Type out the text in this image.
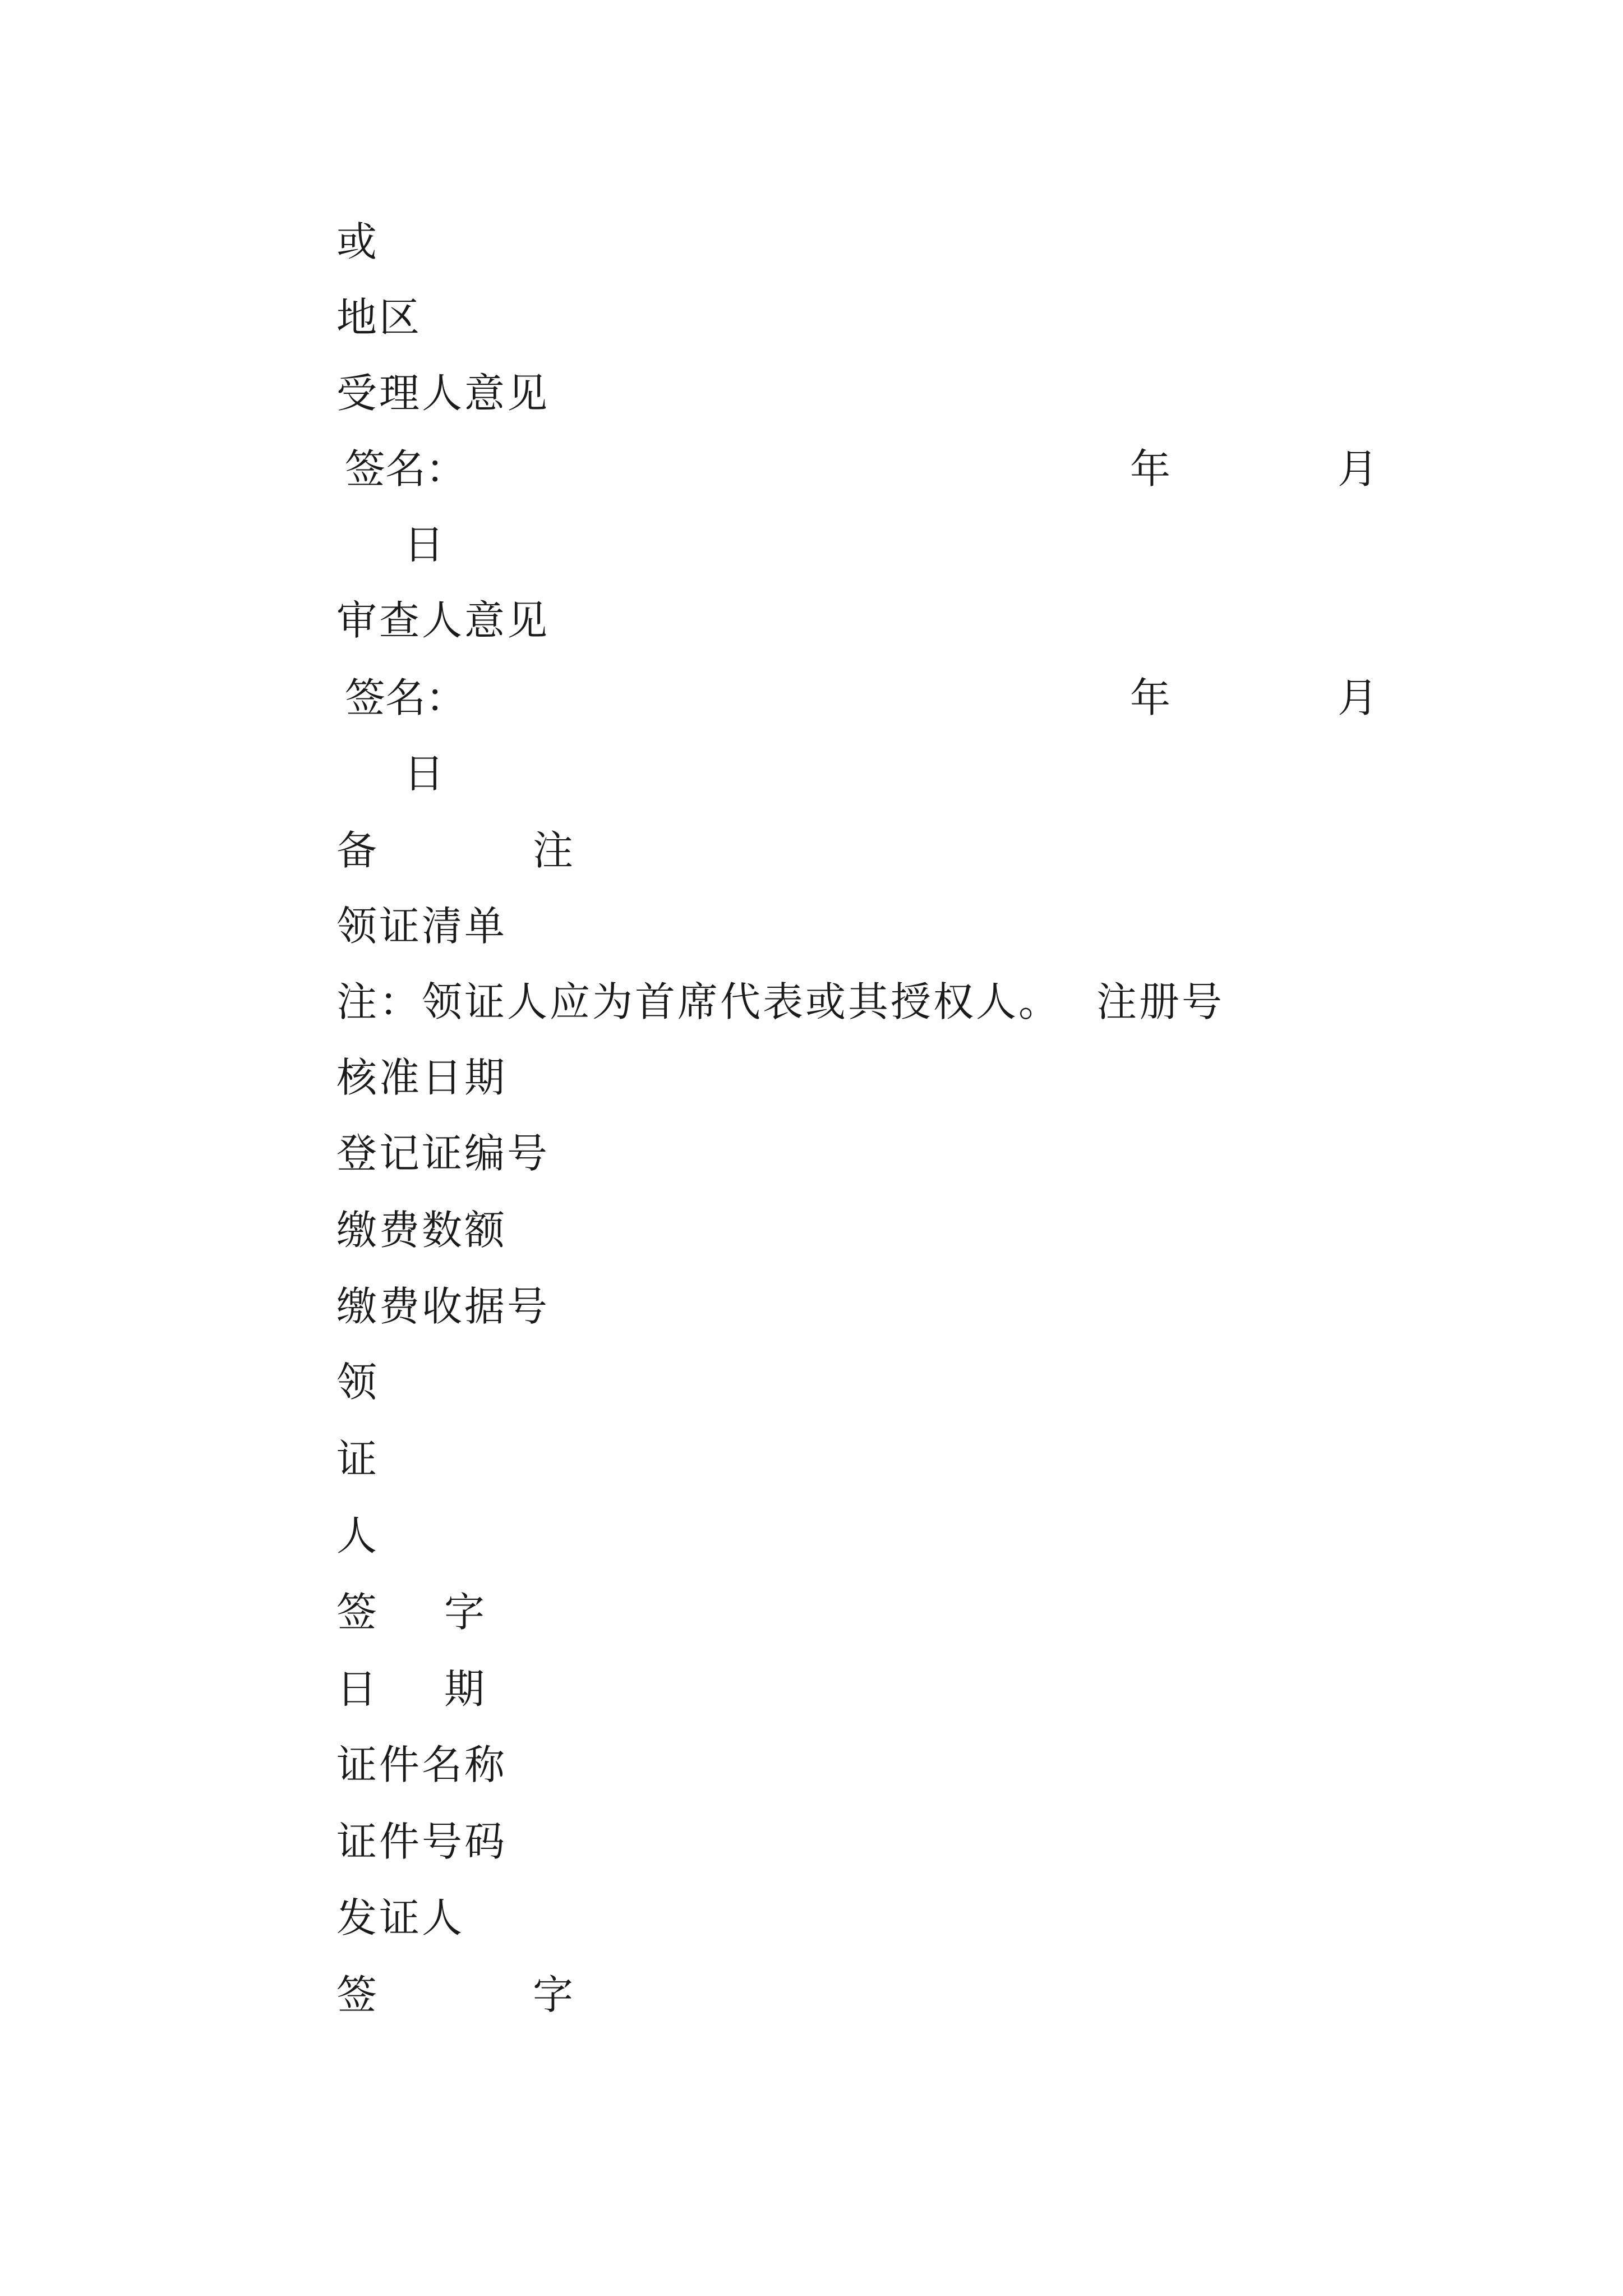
或
地区
受理人意见
签名：	年	月
日
审查人意见
签名：	年	月
日
备	注
领证清单
注：领证人应为首席代表或其授权人。 注册号
核准日期
登记证编号
缴费数额
缴费收据号
领
证
人
签 字
日 期
证件名称
证件号码
发证人
签	字
